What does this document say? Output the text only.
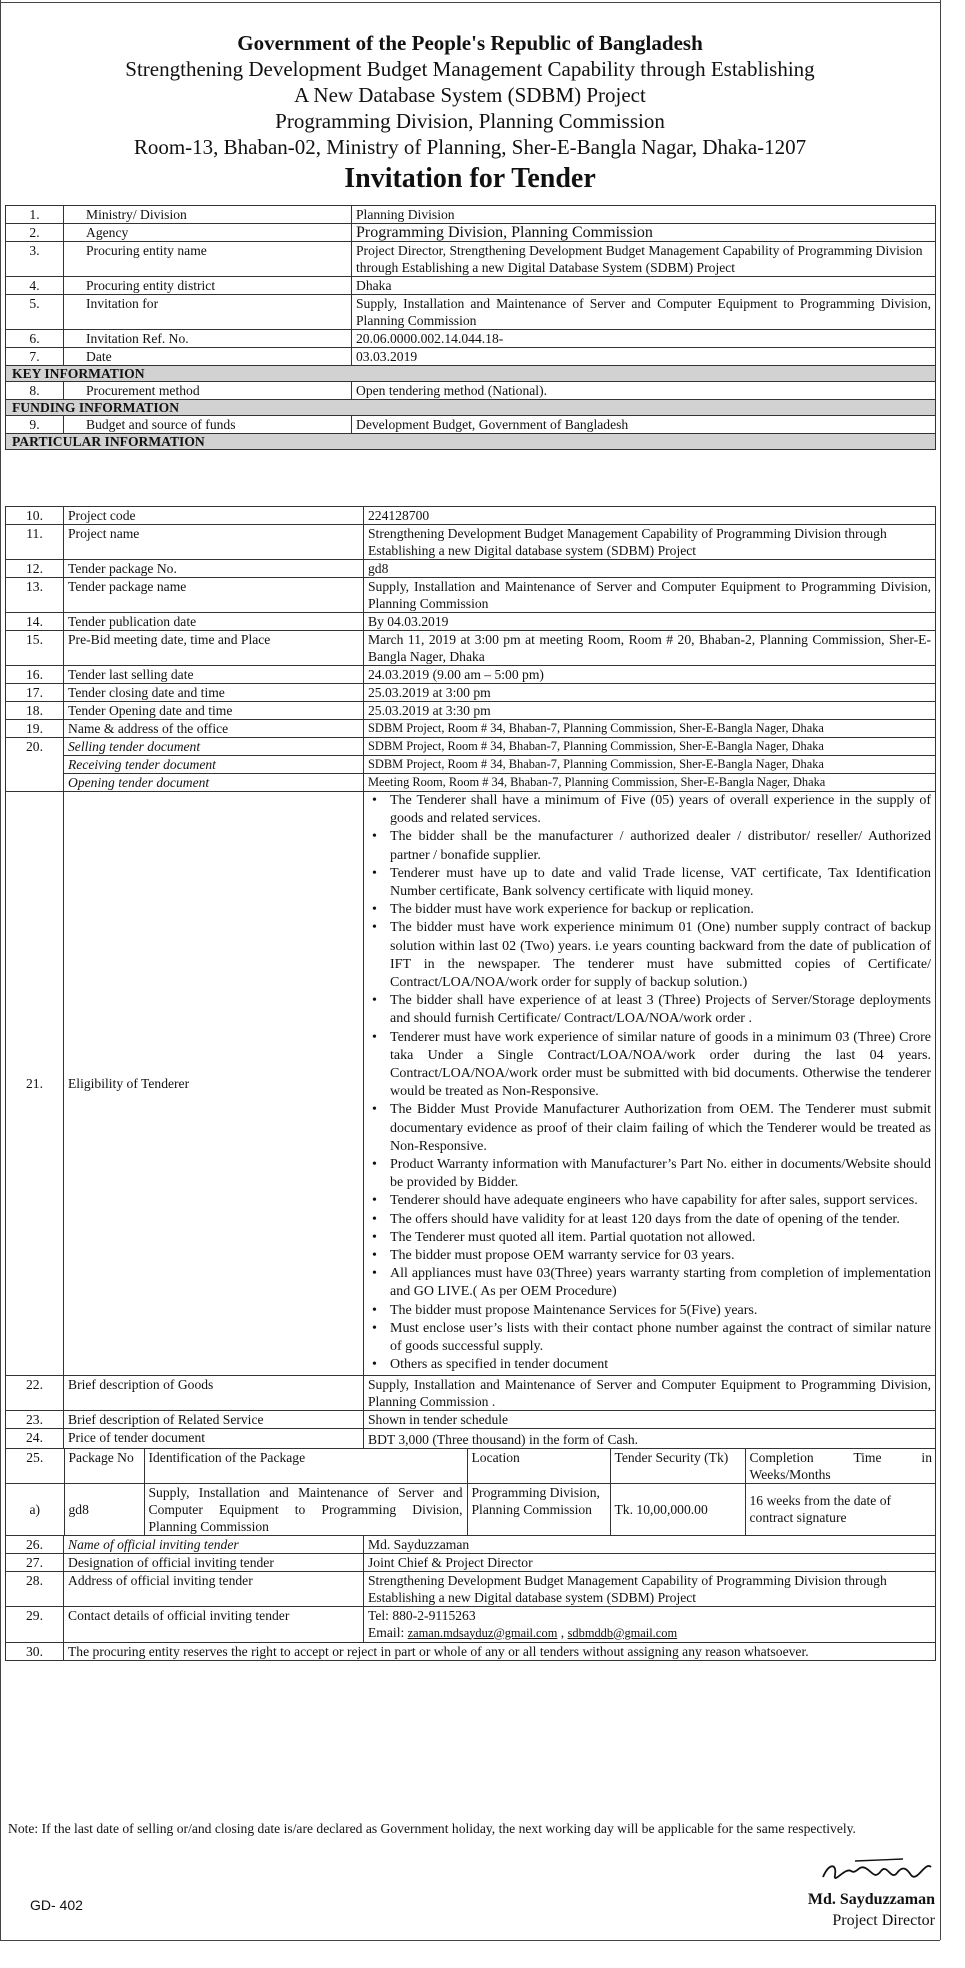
Government of the People's Republic of Bangladesh
Strengthening Development Budget Management Capability through Establishing
A New Database System (SDBM) Project
Programming Division, Planning Commission
Room-13, Bhaban-02, Ministry of Planning, Sher-E-Bangla Nagar, Dhaka-1207
Invitation for Tender
1.	Ministry/ Division	Planning Division
2.	Agency	Programming Division, Planning Commission
3.	Procuring entity name	Project Director, Strengthening Development Budget Management Capability of Programming Division through Establishing a new Digital Database System (SDBM) Project
4.	Procuring entity district	Dhaka
5.	Invitation for	Supply, Installation and Maintenance of Server and Computer Equipment to Programming Division, Planning Commission
6.	Invitation Ref. No.	20.06.0000.002.14.044.18-
7.	Date	03.03.2019
KEY INFORMATION		
8.	Procurement method	Open tendering method (National).
FUNDING INFORMATION		
9.	Budget and source of funds	Development Budget, Government of Bangladesh
PARTICULAR INFORMATION		
10.	Project code	224128700
11.	Project name	Strengthening Development Budget Management Capability of Programming Division through Establishing a new Digital database system (SDBM) Project
12.	Tender package No.	gd8
13.	Tender package name	Supply, Installation and Maintenance of Server and Computer Equipment to Programming Division, Planning Commission
14.	Tender publication date	By 04.03.2019
15.	Pre-Bid meeting date, time and Place	March 11, 2019 at 3:00 pm at meeting Room, Room # 20, Bhaban-2, Planning Commission, Sher-E-Bangla Nager, Dhaka
16.	Tender last selling date	24.03.2019 (9.00 am – 5:00 pm)
17.	Tender closing date and time	25.03.2019 at 3:00 pm
18.	Tender Opening date and time	25.03.2019 at 3:30 pm
19.	Name & address of the office	SDBM Project, Room # 34, Bhaban-7, Planning Commission, Sher-E-Bangla Nager, Dhaka
20.	Selling tender document	SDBM Project, Room # 34, Bhaban-7, Planning Commission, Sher-E-Bangla Nager, Dhaka
Receiving tender document	SDBM Project, Room # 34, Bhaban-7, Planning Commission, Sher-E-Bangla Nager, Dhaka
Opening tender document	Meeting Room, Room # 34, Bhaban-7, Planning Commission, Sher-E-Bangla Nager, Dhaka
21.	Eligibility of Tenderer	
• The Tenderer shall have a minimum of Five (05) years of overall experience in the supply of goods and related services.
• The bidder shall be the manufacturer / authorized dealer / distributor/ reseller/ Authorized partner / bonafide supplier.
• Tenderer must have up to date and valid Trade license, VAT certificate, Tax Identification Number certificate, Bank solvency certificate with liquid money.
• The bidder must have work experience for backup or replication.
• The bidder must have work experience minimum 01 (One) number supply contract of backup solution within last 02 (Two) years. i.e years counting backward from the date of publication of IFT in the newspaper. The tenderer must have submitted copies of Certificate/ Contract/LOA/NOA/work order for supply of backup solution.)
• The bidder shall have experience of at least 3 (Three) Projects of Server/Storage deployments and should furnish Certificate/ Contract/LOA/NOA/work order .
• Tenderer must have work experience of similar nature of goods in a minimum 03 (Three) Crore taka Under a Single Contract/LOA/NOA/work order during the last 04 years. Contract/LOA/NOA/work order must be submitted with bid documents. Otherwise the tenderer would be treated as Non-Responsive.
• The Bidder Must Provide Manufacturer Authorization from OEM. The Tenderer must submit documentary evidence as proof of their claim failing of which the Tenderer would be treated as Non-Responsive.
• Product Warranty information with Manufacturer’s Part No. either in documents/Website should be provided by Bidder.
• Tenderer should have adequate engineers who have capability for after sales, support services.
• The offers should have validity for at least 120 days from the date of opening of the tender.
• The Tenderer must quoted all item. Partial quotation not allowed.
• The bidder must propose OEM warranty service for 03 years.
• All appliances must have 03(Three) years warranty starting from completion of implementation and GO LIVE.( As per OEM Procedure)
• The bidder must propose Maintenance Services for 5(Five) years.
• Must enclose user’s lists with their contact phone number against the contract of similar nature of goods successful supply.
• Others as specified in tender document

22.	Brief description of Goods	Supply, Installation and Maintenance of Server and Computer Equipment to Programming Division, Planning Commission .
23.	Brief description of Related Service	Shown in tender schedule
24.	Price of tender document	BDT 3,000 (Three thousand) in the form of Cash.

25.	Package No	Identification of the Package	Location	Tender Security (Tk)	Completion Time in Weeks/Months
a)	gd8	Supply, Installation and Maintenance of Server and Computer Equipment to Programming Division, Planning Commission	Programming Division, Planning Commission	Tk. 10,00,000.00	16 weeks from the date of contract signature

26.	Name of official inviting tender	Md. Sayduzzaman
27.	Designation of official inviting tender	Joint Chief & Project Director
28.	Address of official inviting tender	Strengthening Development Budget Management Capability of Programming Division through Establishing a new Digital database system (SDBM) Project
29.	Contact details of official inviting tender	Tel: 880-2-9115263
Email: zaman.mdsayduz@gmail.com , sdbmddb@gmail.com

30.	The procuring entity reserves the right to accept or reject in part or whole of any or all tenders without assigning any reason whatsoever.
Note: If the last date of selling or/and closing date is/are declared as Government holiday, the next working day will be applicable for the same respectively.
Md. Sayduzzaman
Project Director
GD- 402
